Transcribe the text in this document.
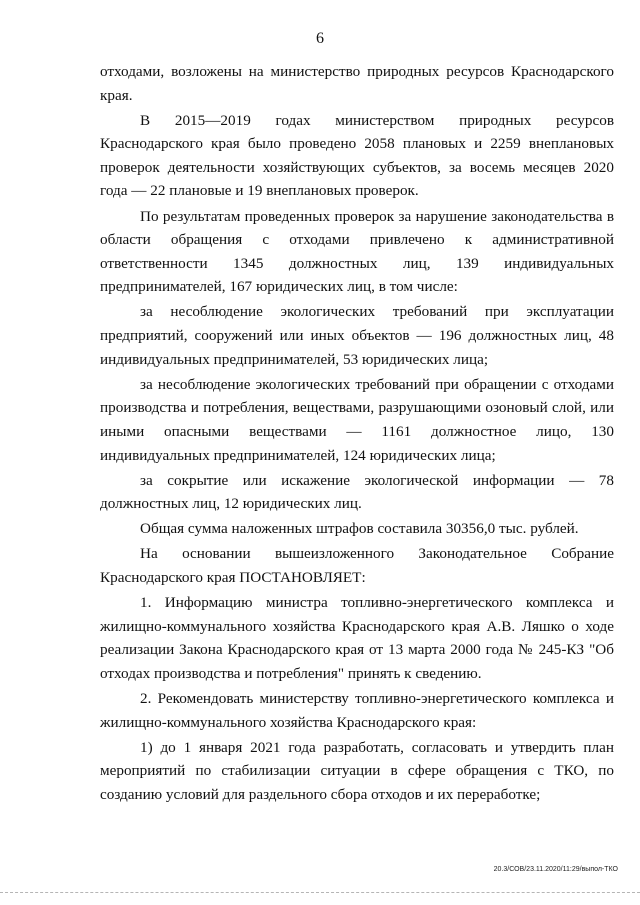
6

отходами, возложены на министерство природных ресурсов Краснодарского края.

В 2015—2019 годах министерством природных ресурсов Краснодарского края было проведено 2058 плановых и 2259 внеплановых проверок деятельности хозяйствующих субъектов, за восемь месяцев 2020 года — 22 плановые и 19 внеплановых проверок.

По результатам проведенных проверок за нарушение законодательства в области обращения с отходами привлечено к административной ответственности 1345 должностных лиц, 139 индивидуальных предпринимателей, 167 юридических лиц, в том числе:

за несоблюдение экологических требований при эксплуатации предприятий, сооружений или иных объектов — 196 должностных лиц, 48 индивидуальных предпринимателей, 53 юридических лица;

за несоблюдение экологических требований при обращении с отходами производства и потребления, веществами, разрушающими озоновый слой, или иными опасными веществами — 1161 должностное лицо, 130 индивидуальных предпринимателей, 124 юридических лица;

за сокрытие или искажение экологической информации — 78 должностных лиц, 12 юридических лиц.

Общая сумма наложенных штрафов составила 30356,0 тыс. рублей.

На основании вышеизложенного Законодательное Собрание Краснодарского края ПОСТАНОВЛЯЕТ:

1. Информацию министра топливно-энергетического комплекса и жилищно-коммунального хозяйства Краснодарского края А.В. Ляшко о ходе реализации Закона Краснодарского края от 13 марта 2000 года № 245-КЗ "Об отходах производства и потребления" принять к сведению.

2. Рекомендовать министерству топливно-энергетического комплекса и жилищно-коммунального хозяйства Краснодарского края:

1) до 1 января 2021 года разработать, согласовать и утвердить план мероприятий по стабилизации ситуации в сфере обращения с ТКО, по созданию условий для раздельного сбора отходов и их переработке;

20.3/СОВ/23.11.2020/11:29/выпол-ТКО
